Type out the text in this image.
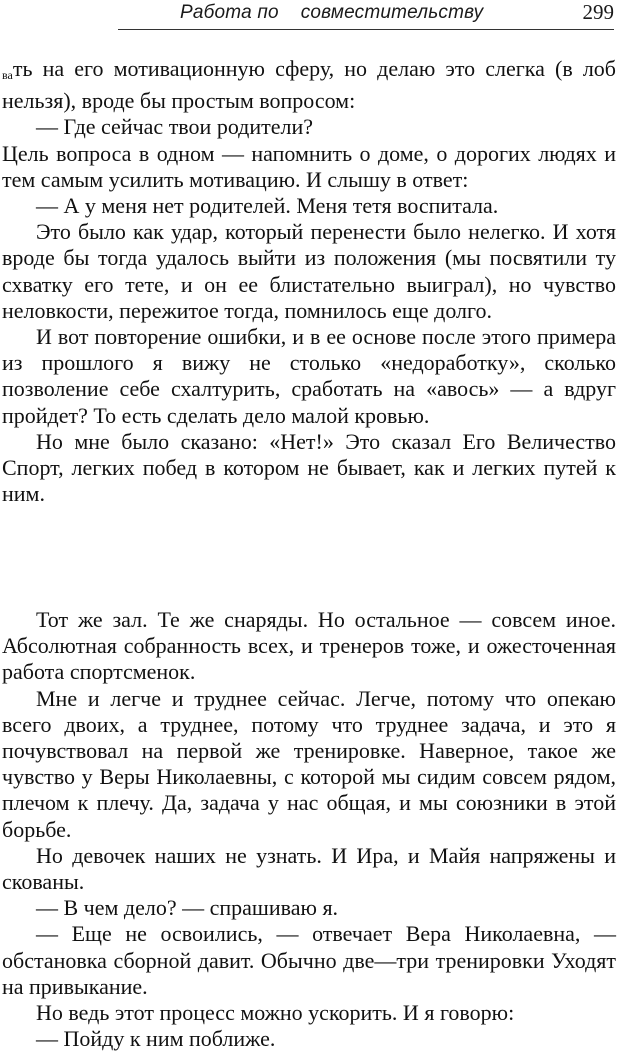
Работа по    совместительству	299

вать на его мотивационную сферу, но делаю это слегка (в лоб нельзя), вроде бы простым вопросом:

— Где сейчас твои родители?

Цель вопроса в одном — напомнить о доме, о дорогих людях и тем самым усилить мотивацию. И слышу в ответ:

— А у меня нет родителей. Меня тетя воспитала.

Это было как удар, который перенести было нелегко. И хотя вроде бы тогда удалось выйти из положения (мы посвятили ту схватку его тете, и он ее блистательно выиграл), но чувство неловкости, пережитое тогда, помнилось еще долго.

И вот повторение ошибки, и в ее основе после этого примера из прошлого я вижу не столько «недоработку», сколько позволение себе схалтурить, сработать на «авось» — а вдруг пройдет? То есть сделать дело малой кровью.

Но мне было сказано: «Нет!» Это сказал Его Величество Спорт, легких побед в котором не бывает, как и легких путей к ним.

Тот же зал. Те же снаряды. Но остальное — совсем иное. Абсолютная собранность всех, и тренеров тоже, и ожесточенная работа спортсменок.

Мне и легче и труднее сейчас. Легче, потому что опекаю всего двоих, а труднее, потому что труднее задача, и это я почувствовал на первой же тренировке. Наверное, такое же чувство у Веры Николаевны, с которой мы сидим совсем рядом, плечом к плечу. Да, задача у нас общая, и мы союзники в этой борьбе.

Но девочек наших не узнать. И Ира, и Майя напряжены и скованы.

— В чем дело? — спрашиваю я.

— Еще не освоились, — отвечает Вера Николаевна, — обстановка сборной давит. Обычно две—три тренировки Уходят на привыкание.

Но ведь этот процесс можно ускорить. И я говорю:

— Пойду к ним поближе.
